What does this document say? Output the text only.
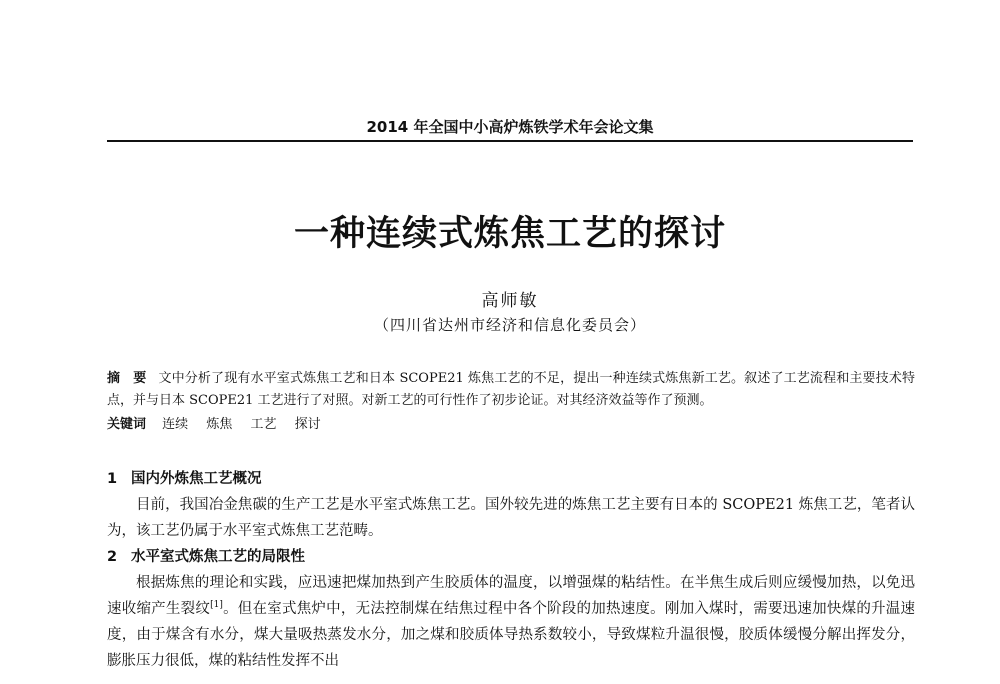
2014 年全国中小高炉炼铁学术年会论文集
一种连续式炼焦工艺的探讨
高师敏
（四川省达州市经济和信息化委员会）
摘　要 文中分析了现有水平室式炼焦工艺和日本 SCOPE21 炼焦工艺的不足，提出一种连续式炼焦新工艺。叙述了工艺流程和主要技术特点，并与日本 SCOPE21 工艺进行了对照。对新工艺的可行性作了初步论证。对其经济效益等作了预测。
关键词 连续 炼焦 工艺 探讨
1 国内外炼焦工艺概况

目前，我国冶金焦碳的生产工艺是水平室式炼焦工艺。国外较先进的炼焦工艺主要有日本的 SCOPE21 炼焦工艺，笔者认为，该工艺仍属于水平室式炼焦工艺范畴。

2 水平室式炼焦工艺的局限性

根据炼焦的理论和实践，应迅速把煤加热到产生胶质体的温度，以增强煤的粘结性。在半焦生成后则应缓慢加热，以免迅速收缩产生裂纹[1]。但在室式焦炉中，无法控制煤在结焦过程中各个阶段的加热速度。刚加入煤时，需要迅速加快煤的升温速度，由于煤含有水分，煤大量吸热蒸发水分，加之煤和胶质体导热系数较小，导致煤粒升温很慢，胶质体缓慢分解出挥发分，膨胀压力很低，煤的粘结性发挥不出
